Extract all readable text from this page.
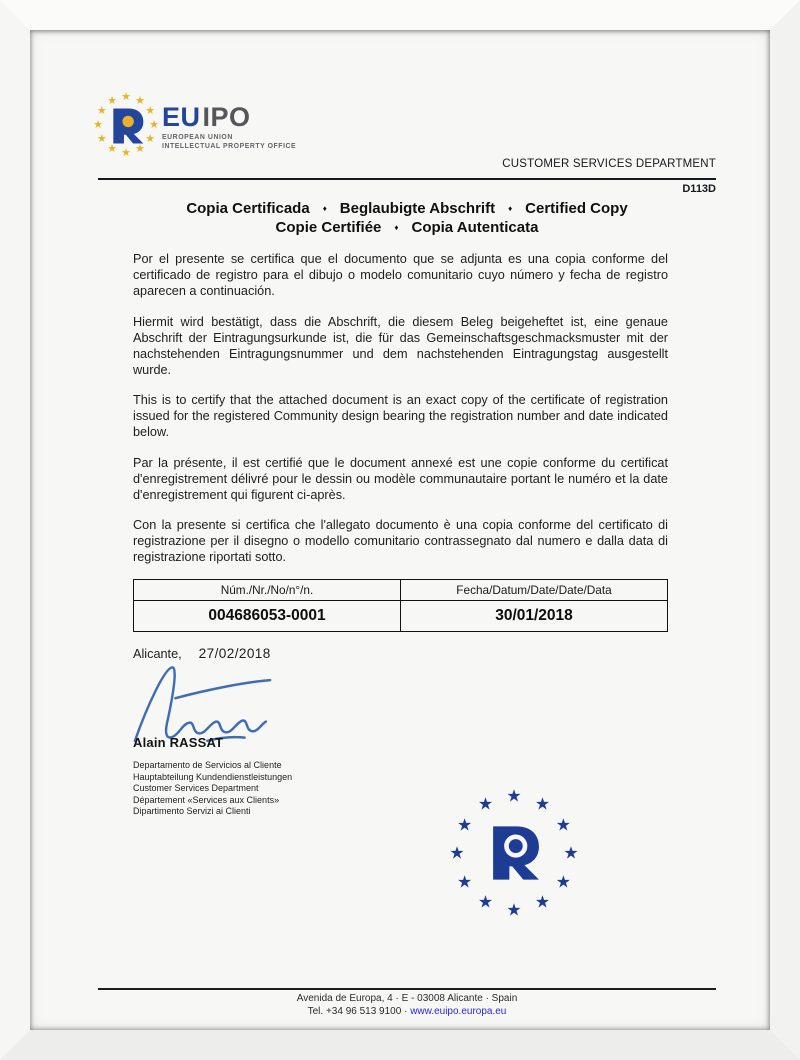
★ ★
★
★
★
★
★
★
★
★
★
★
EUIPO
EUROPEAN UNION
INTELLECTUAL PROPERTY OFFICE
CUSTOMER SERVICES DEPARTMENT
D113D
Copia Certificada ♦ Beglaubigte Abschrift ♦ Certified Copy
Copie Certifiée ♦ Copia Autenticata

Por el presente se certifica que el documento que se adjunta es una copia conforme del certificado de registro para el dibujo o modelo comunitario cuyo número y fecha de registro aparecen a continuación.

Hiermit wird bestätigt, dass die Abschrift, die diesem Beleg beigeheftet ist, eine genaue Abschrift der Eintragungsurkunde ist, die für das Gemeinschaftsgeschmacksmuster mit der nachstehenden Eintragungsnummer und dem nachstehenden Eintragungstag ausgestellt wurde.

This is to certify that the attached document is an exact copy of the certificate of registration issued for the registered Community design bearing the registration number and date indicated below.

Par la présente, il est certifié que le document annexé est une copie conforme du certificat d'enregistrement délivré pour le dessin ou modèle communautaire portant le numéro et la date d'enregistrement qui figurent ci-après.

Con la presente si certifica che l'allegato documento è una copia conforme del certificato di registrazione per il disegno o modello comunitario contrassegnato dal numero e dalla data di registrazione riportati sotto.

Núm./Nr./No/n°/n.	Fecha/Datum/Date/Date/Data
004686053-0001	30/01/2018
Alicante, 27/02/2018
Alain RASSAT
Departamento de Servicios al Cliente
Hauptabteilung Kundendienstleistungen
Customer Services Department
Département «Services aux Clients»
Dipartimento Servizi ai Clienti
★ ★
★
★
★
★
★
★
★
★
★
★
Avenida de Europa, 4 · E - 03008 Alicante · Spain
Tel. +34 96 513 9100 · www.euipo.europa.eu
